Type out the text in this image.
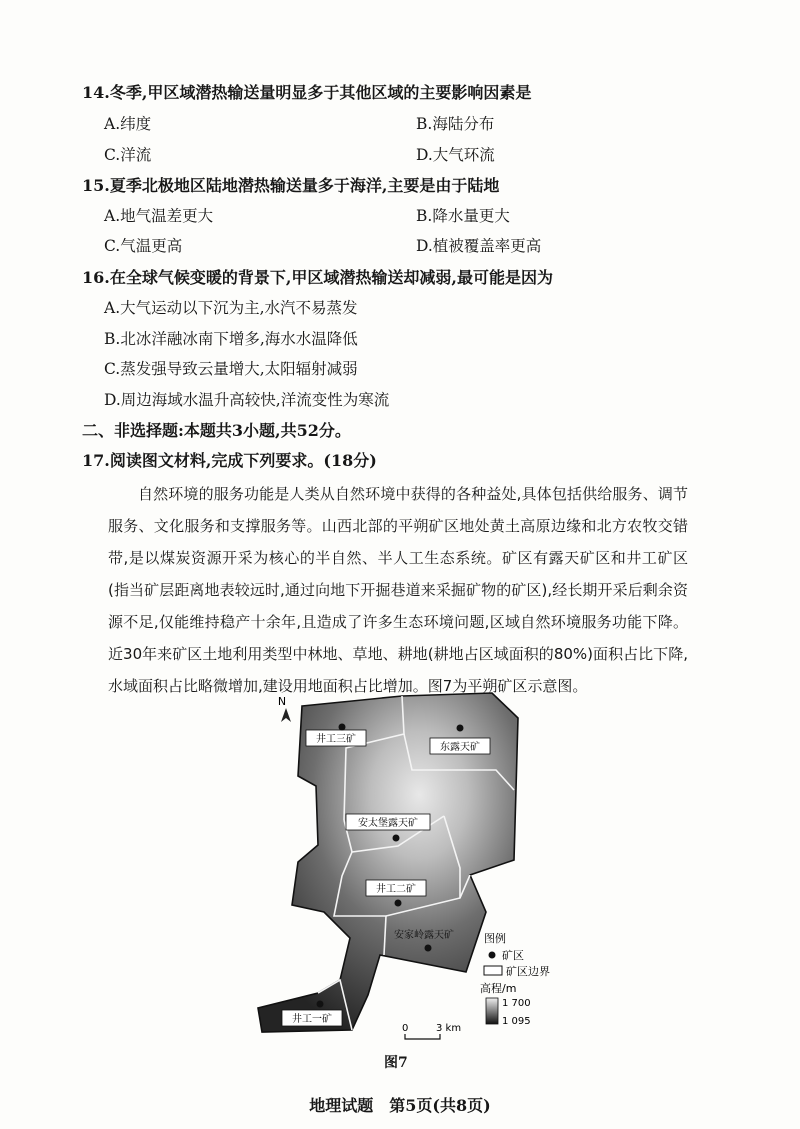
14.冬季,甲区域潜热输送量明显多于其他区域的主要影响因素是
A.纬度	B.海陆分布
C.洋流	D.大气环流
15.夏季北极地区陆地潜热输送量多于海洋,主要是由于陆地
A.地气温差更大	B.降水量更大
C.气温更高	D.植被覆盖率更高
16.在全球气候变暖的背景下,甲区域潜热输送却减弱,最可能是因为
A.大气运动以下沉为主,水汽不易蒸发
B.北冰洋融冰南下增多,海水水温降低
C.蒸发强导致云量增大,太阳辐射减弱
D.周边海域水温升高较快,洋流变性为寒流
二、非选择题:本题共3小题,共52分。
17.阅读图文材料,完成下列要求。(18分)
自然环境的服务功能是人类从自然环境中获得的各种益处,具体包括供给服务、调节服务、文化服务和支撑服务等。山西北部的平朔矿区地处黄土高原边缘和北方农牧交错带,是以煤炭资源开采为核心的半自然、半人工生态系统。矿区有露天矿区和井工矿区(指当矿层距离地表较远时,通过向地下开掘巷道来采掘矿物的矿区),经长期开采后剩余资源不足,仅能维持稳产十余年,且造成了许多生态环境问题,区域自然环境服务功能下降。近30年来矿区土地利用类型中林地、草地、耕地(耕地占区域面积的80%)面积占比下降,水域面积占比略微增加,建设用地面积占比增加。图7为平朔矿区示意图。
N
井工三矿
东露天矿
安太堡露天矿
井工二矿
安家岭露天矿
井工一矿
图例
矿区
矿区边界
高程/m
1 700
1 095
0	3 km
图7
地理试题　第5页(共8页)
